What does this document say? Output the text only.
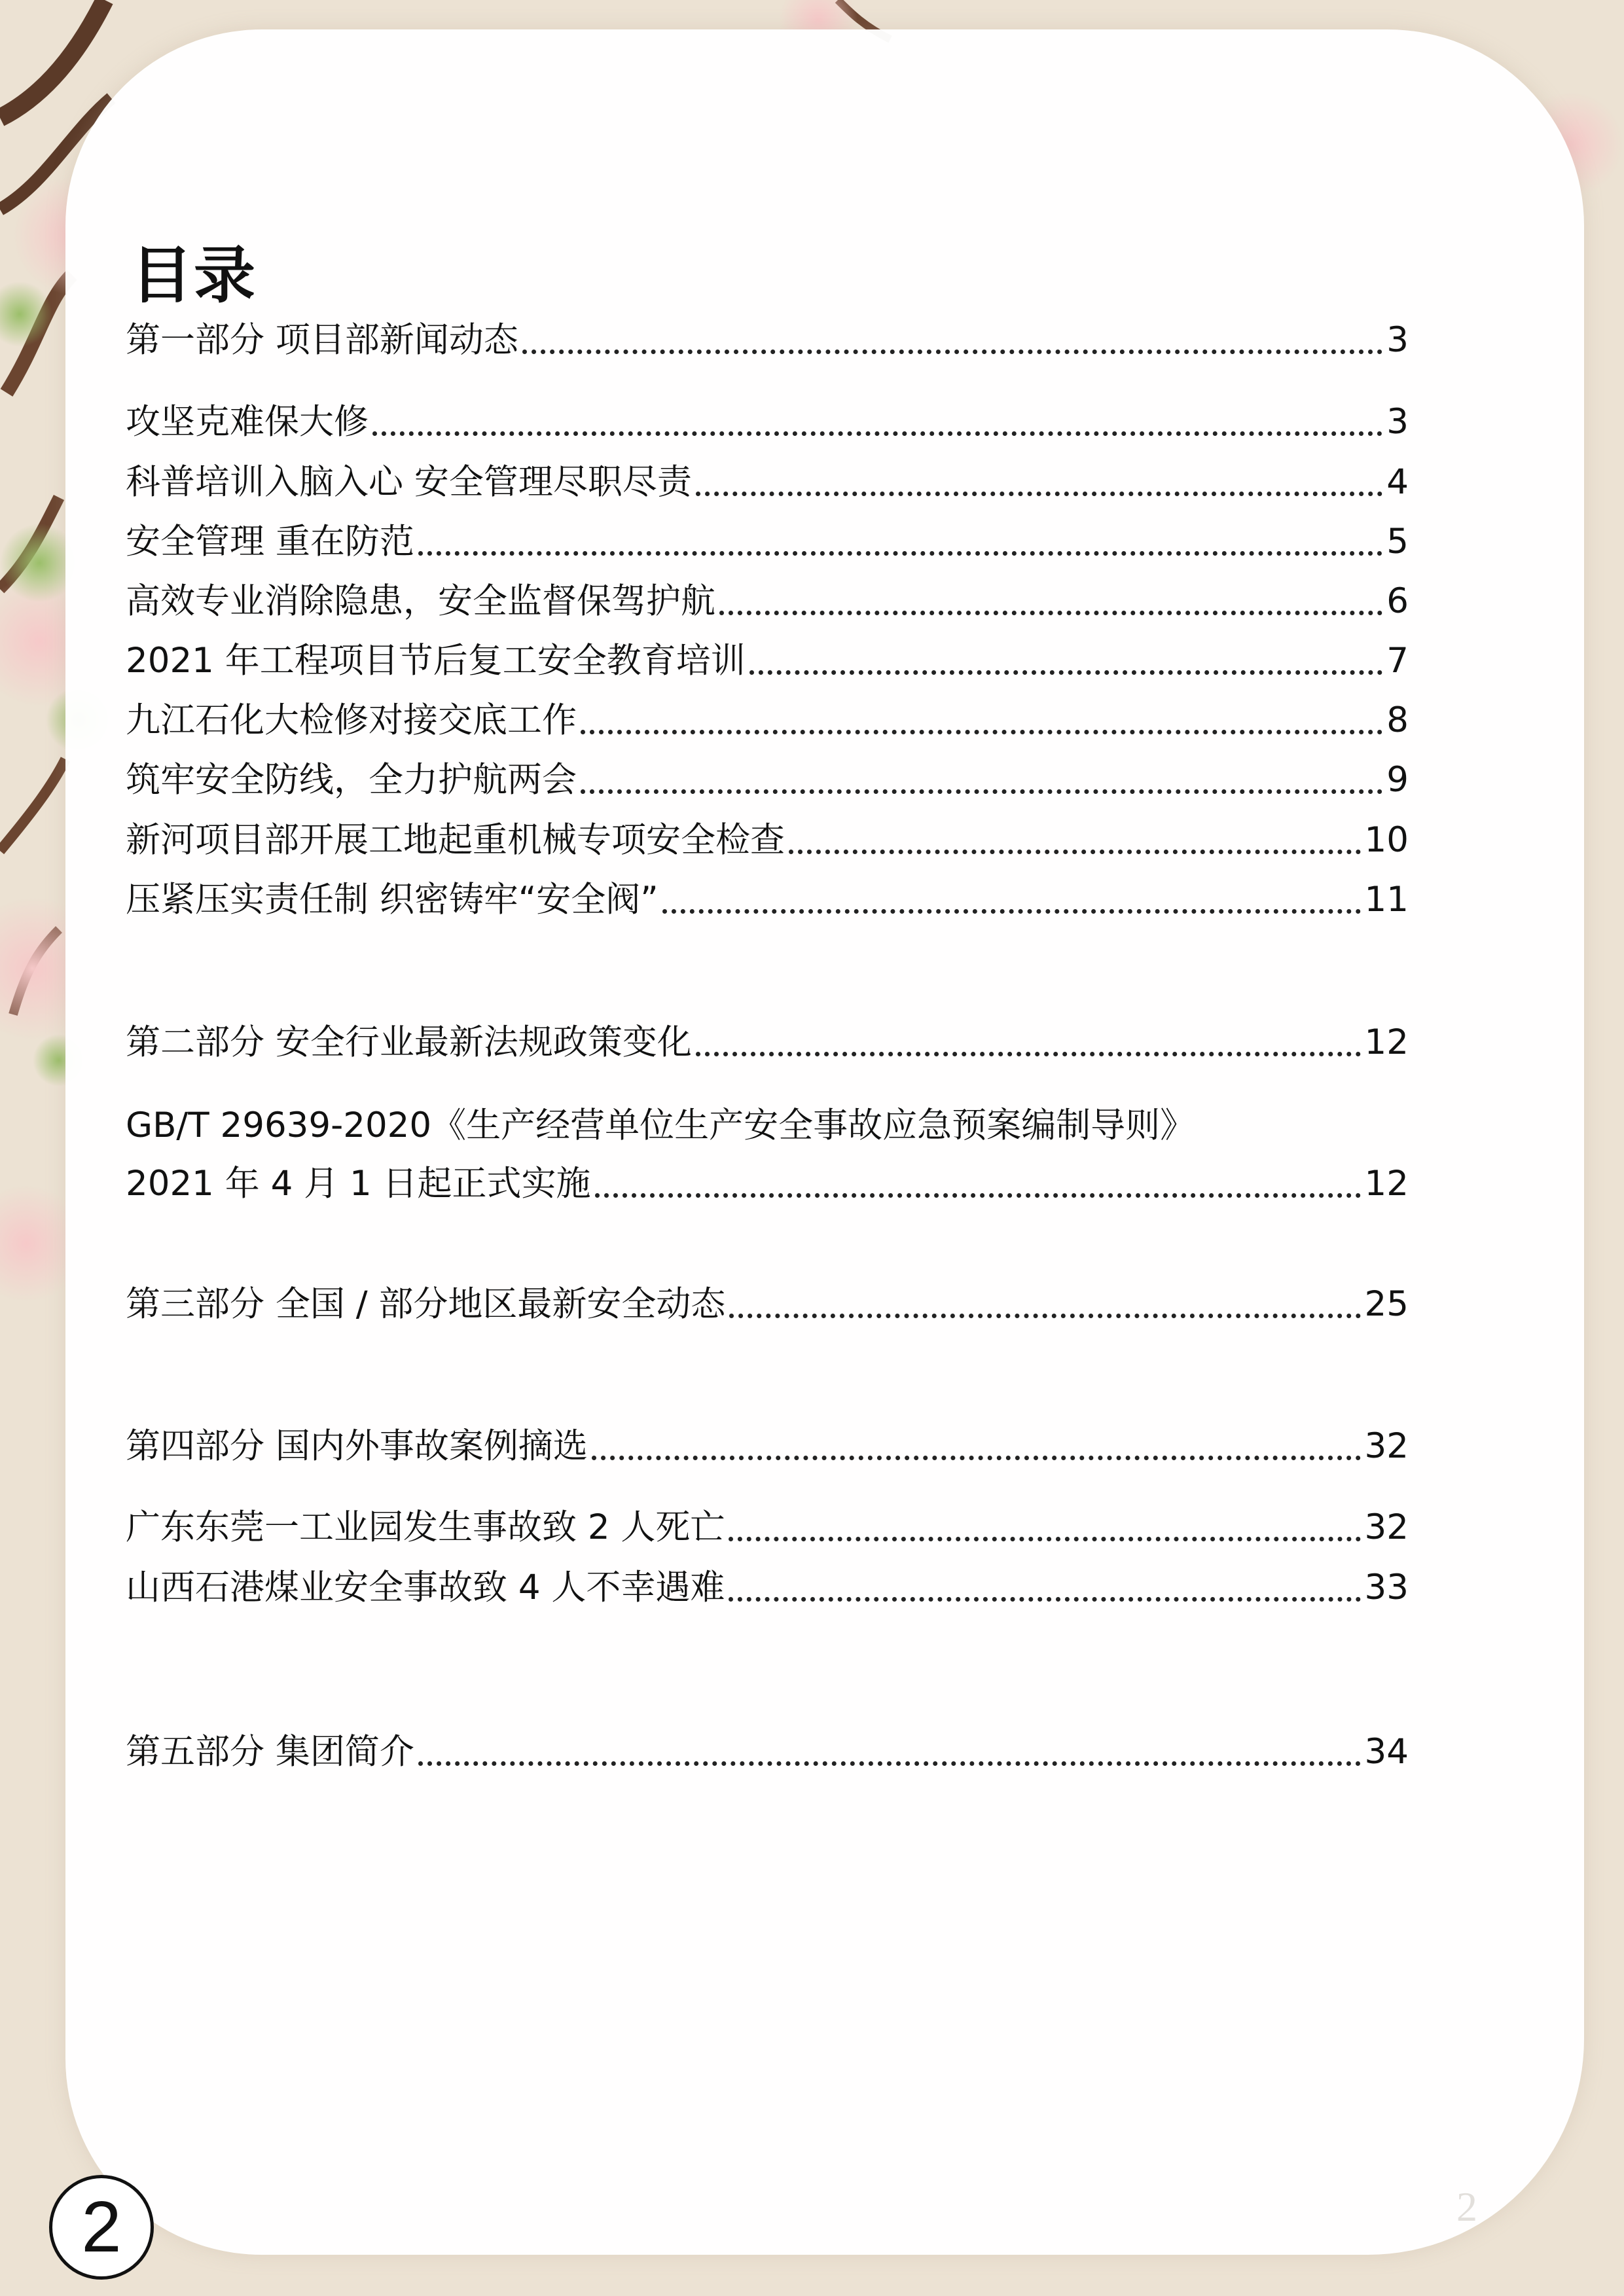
目录
第一部分 项目部新闻动态	3
攻坚克难保大修	3
科普培训入脑入心 安全管理尽职尽责	4
安全管理 重在防范	5
高效专业消除隐患，安全监督保驾护航	6
2021 年工程项目节后复工安全教育培训	7
九江石化大检修对接交底工作	8
筑牢安全防线，全力护航两会	9
新河项目部开展工地起重机械专项安全检查	10
压紧压实责任制 织密铸牢“安全阀”	11
第二部分 安全行业最新法规政策变化	12
GB/T 29639-2020《生产经营单位生产安全事故应急预案编制导则》
2021 年 4 月 1 日起正式实施	12
第三部分 全国 / 部分地区最新安全动态	25
第四部分 国内外事故案例摘选	32
广东东莞一工业园发生事故致 2 人死亡	32
山西石港煤业安全事故致 4 人不幸遇难	33
第五部分 集团简介	34
2	2
